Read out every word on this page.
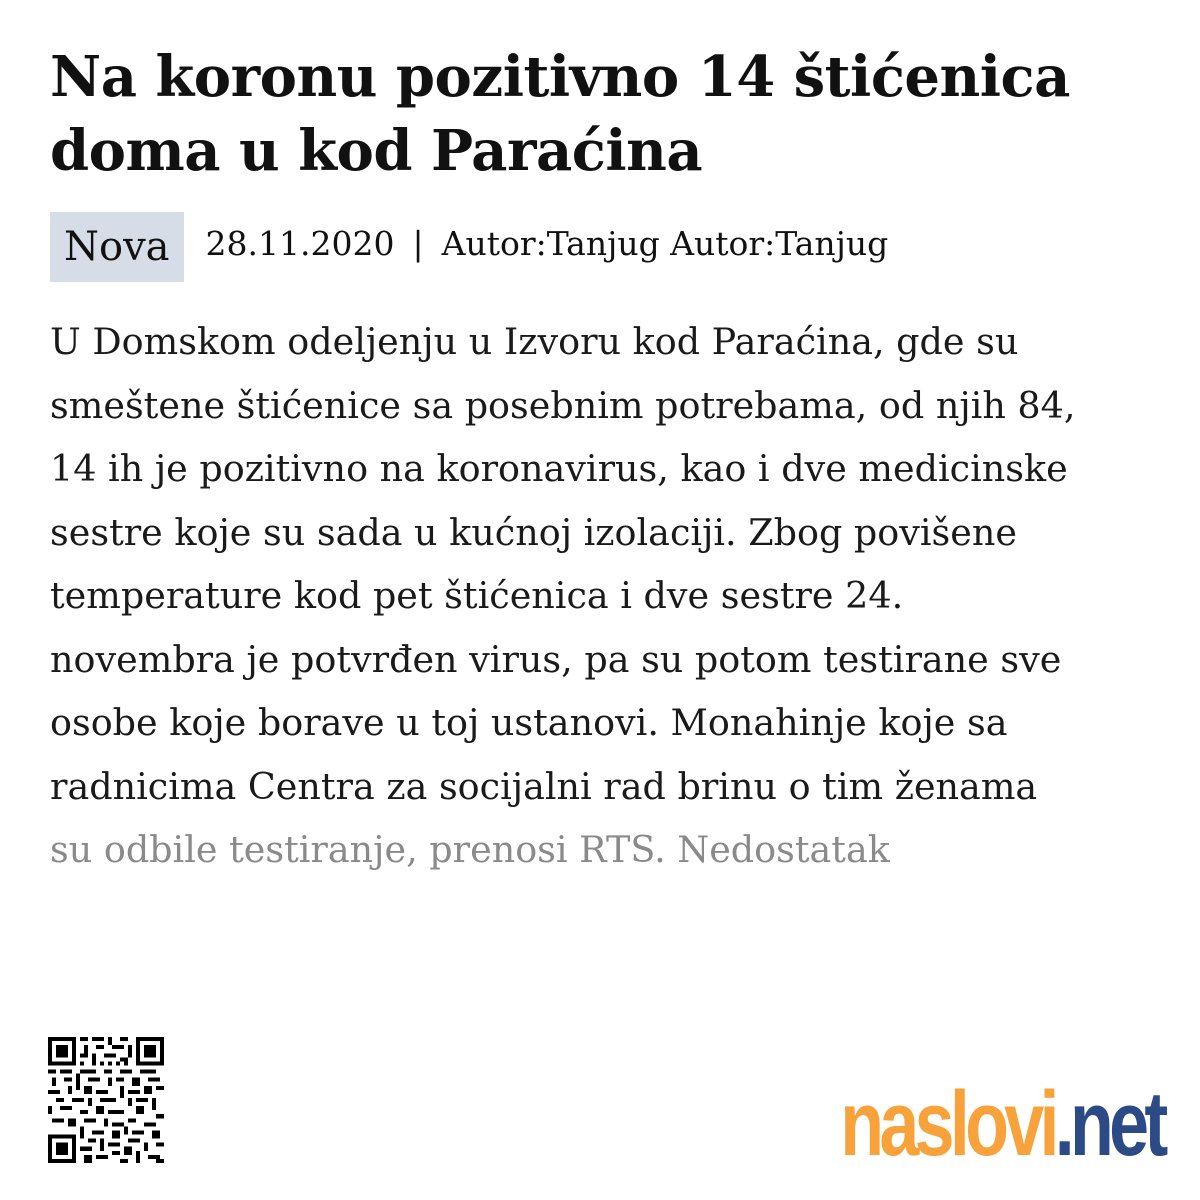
Na koronu pozitivno 14 štićenica doma u kod Paraćina
Nova	28.11.2020 | Autor:Tanjug Autor:Tanjug
U Domskom odeljenju u Izvoru kod Paraćina, gde su
smeštene štićenice sa posebnim potrebama, od njih 84,
14 ih je pozitivno na koronavirus, kao i dve medicinske
sestre koje su sada u kućnoj izolaciji. Zbog povišene
temperature kod pet štićenica i dve sestre 24.
novembra je potvrđen virus, pa su potom testirane sve
osobe koje borave u toj ustanovi. Monahinje koje sa
radnicima Centra za socijalni rad brinu o tim ženama
su odbile testiranje, prenosi RTS. Nedostatak
naslovi .net
